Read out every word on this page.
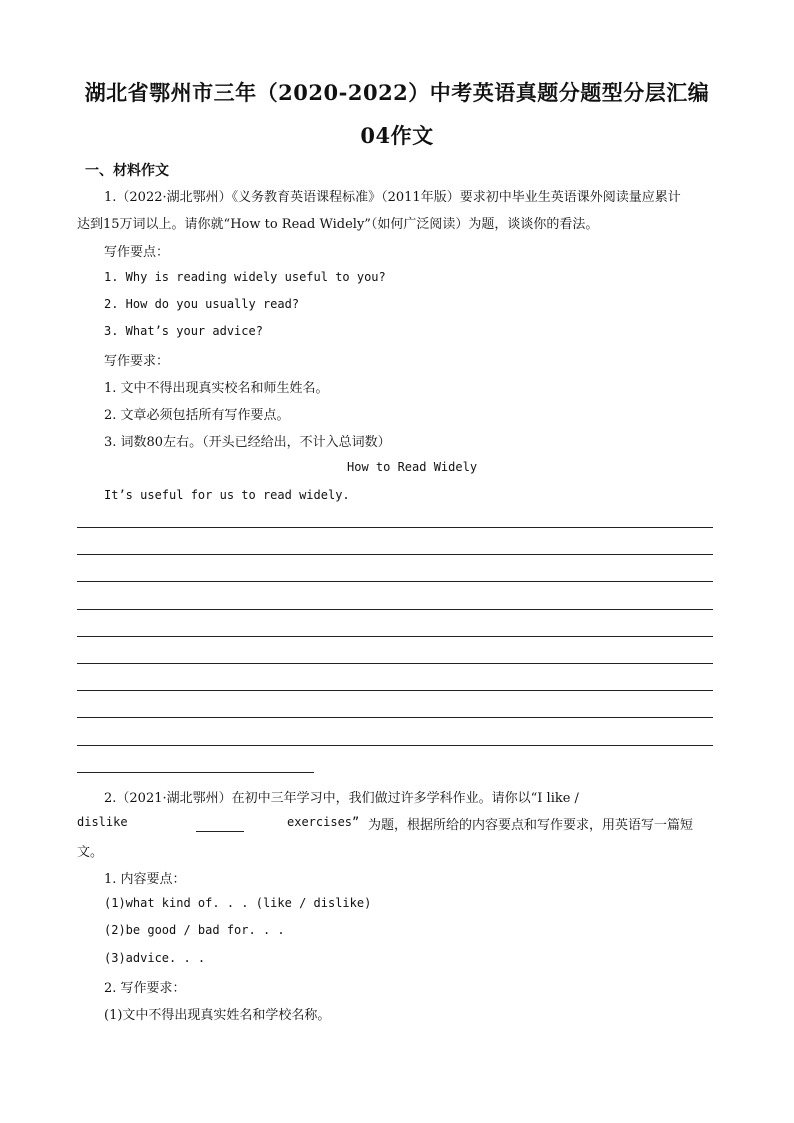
湖北省鄂州市三年（2020-2022）中考英语真题分题型分层汇编
04作文
一、材料作文
1.（2022·湖北鄂州）《义务教育英语课程标准》（2011年版）要求初中毕业生英语课外阅读量应累计
达到15万词以上。请你就“How to Read Widely”（如何广泛阅读）为题，谈谈你的看法。
写作要点：
1. Why is reading widely useful to you?
2. How do you usually read?
3. What’s your advice?
写作要求：
1. 文中不得出现真实校名和师生姓名。
2. 文章必须包括所有写作要点。
3. 词数80左右。（开头已经给出，不计入总词数）
How to Read Widely
It’s useful for us to read widely.
2.（2021·湖北鄂州）在初中三年学习中，我们做过许多学科作业。请你以“I like /
dislike	exercises” 为题，根据所给的内容要点和写作要求，用英语写一篇短
文。
1. 内容要点：
(1)what kind of. . . (like / dislike)
(2)be good / bad for. . .
(3)advice. . .
2. 写作要求：
(1)文中不得出现真实姓名和学校名称。
